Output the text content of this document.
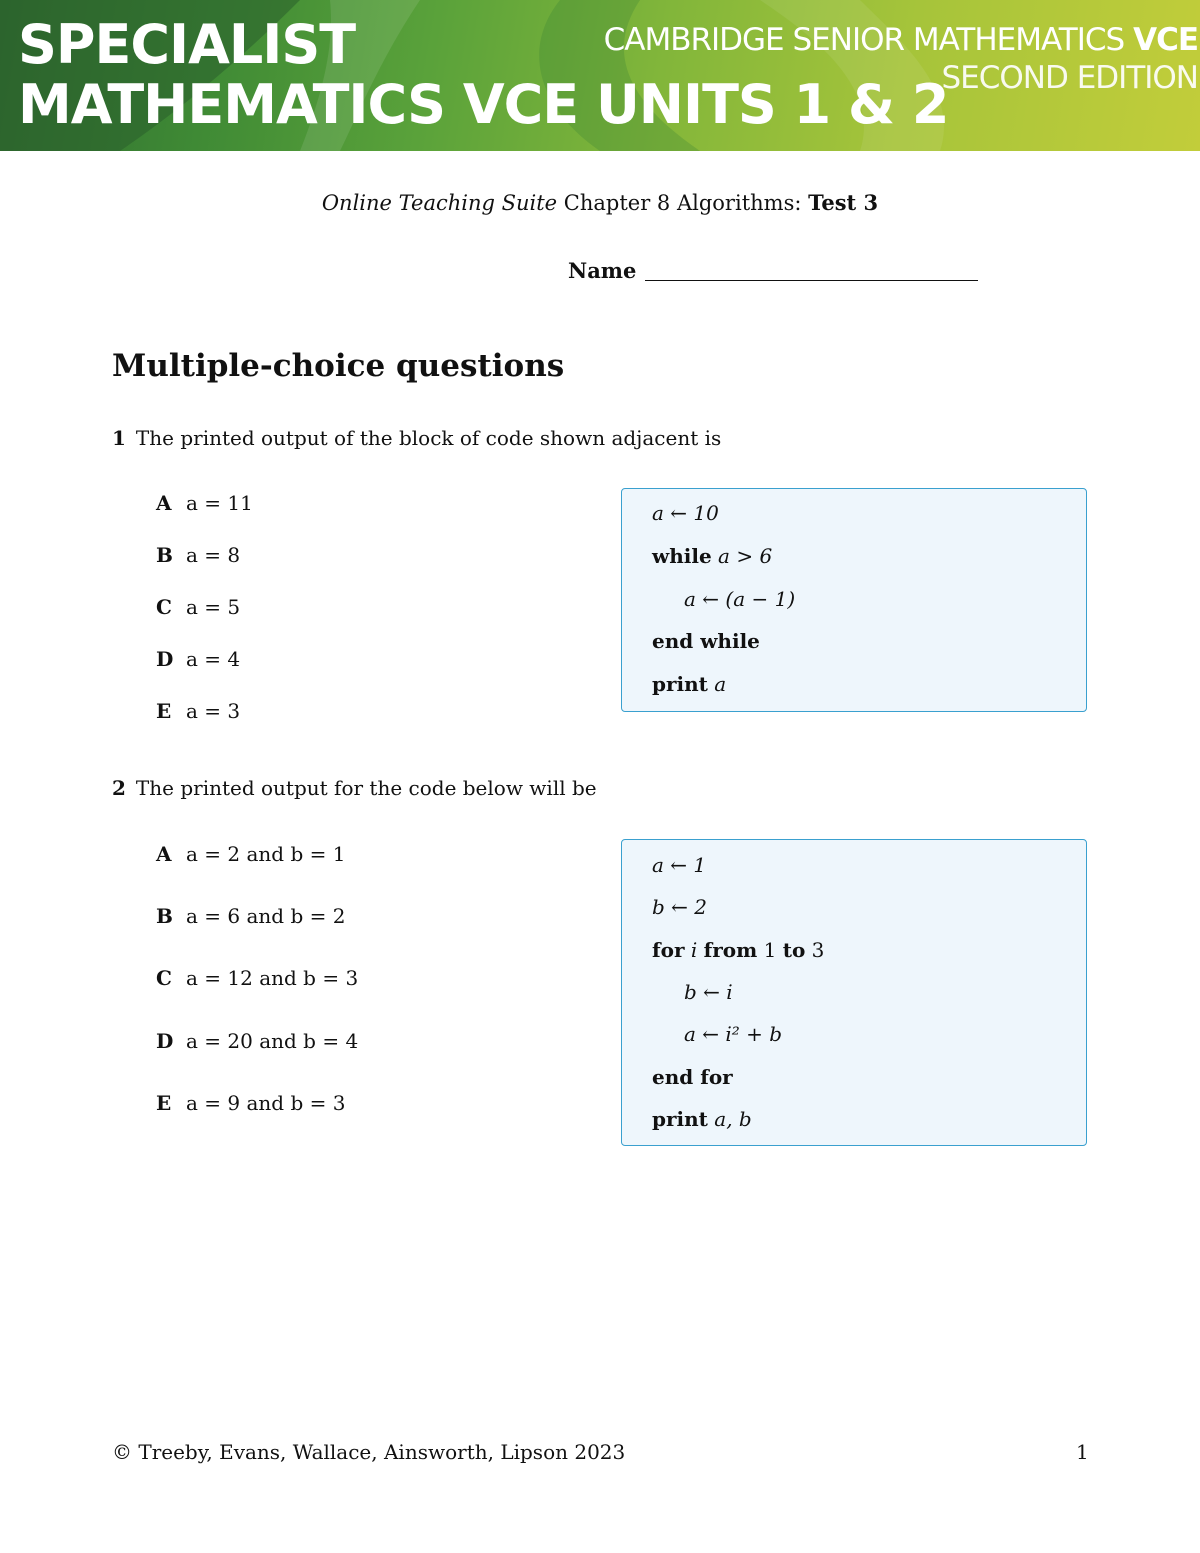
SPECIALIST
MATHEMATICS VCE UNITS 1 & 2
CAMBRIDGE SENIOR MATHEMATICS VCE
SECOND EDITION
Online Teaching Suite Chapter 8 Algorithms: Test 3
Name
Multiple-choice questions
1 The printed output of the block of code shown adjacent is
A a = 11
B a = 8
C a = 5
D a = 4
E a = 3
a ← 10
while a > 6
a ← (a − 1)
end while
print a
2 The printed output for the code below will be
A a = 2 and b = 1
B a = 6 and b = 2
C a = 12 and b = 3
D a = 20 and b = 4
E a = 9 and b = 3
a ← 1
b ← 2
for i from 1 to 3
b ← i
a ← i² + b
end for
print a, b
© Treeby, Evans, Wallace, Ainsworth, Lipson 2023	1
